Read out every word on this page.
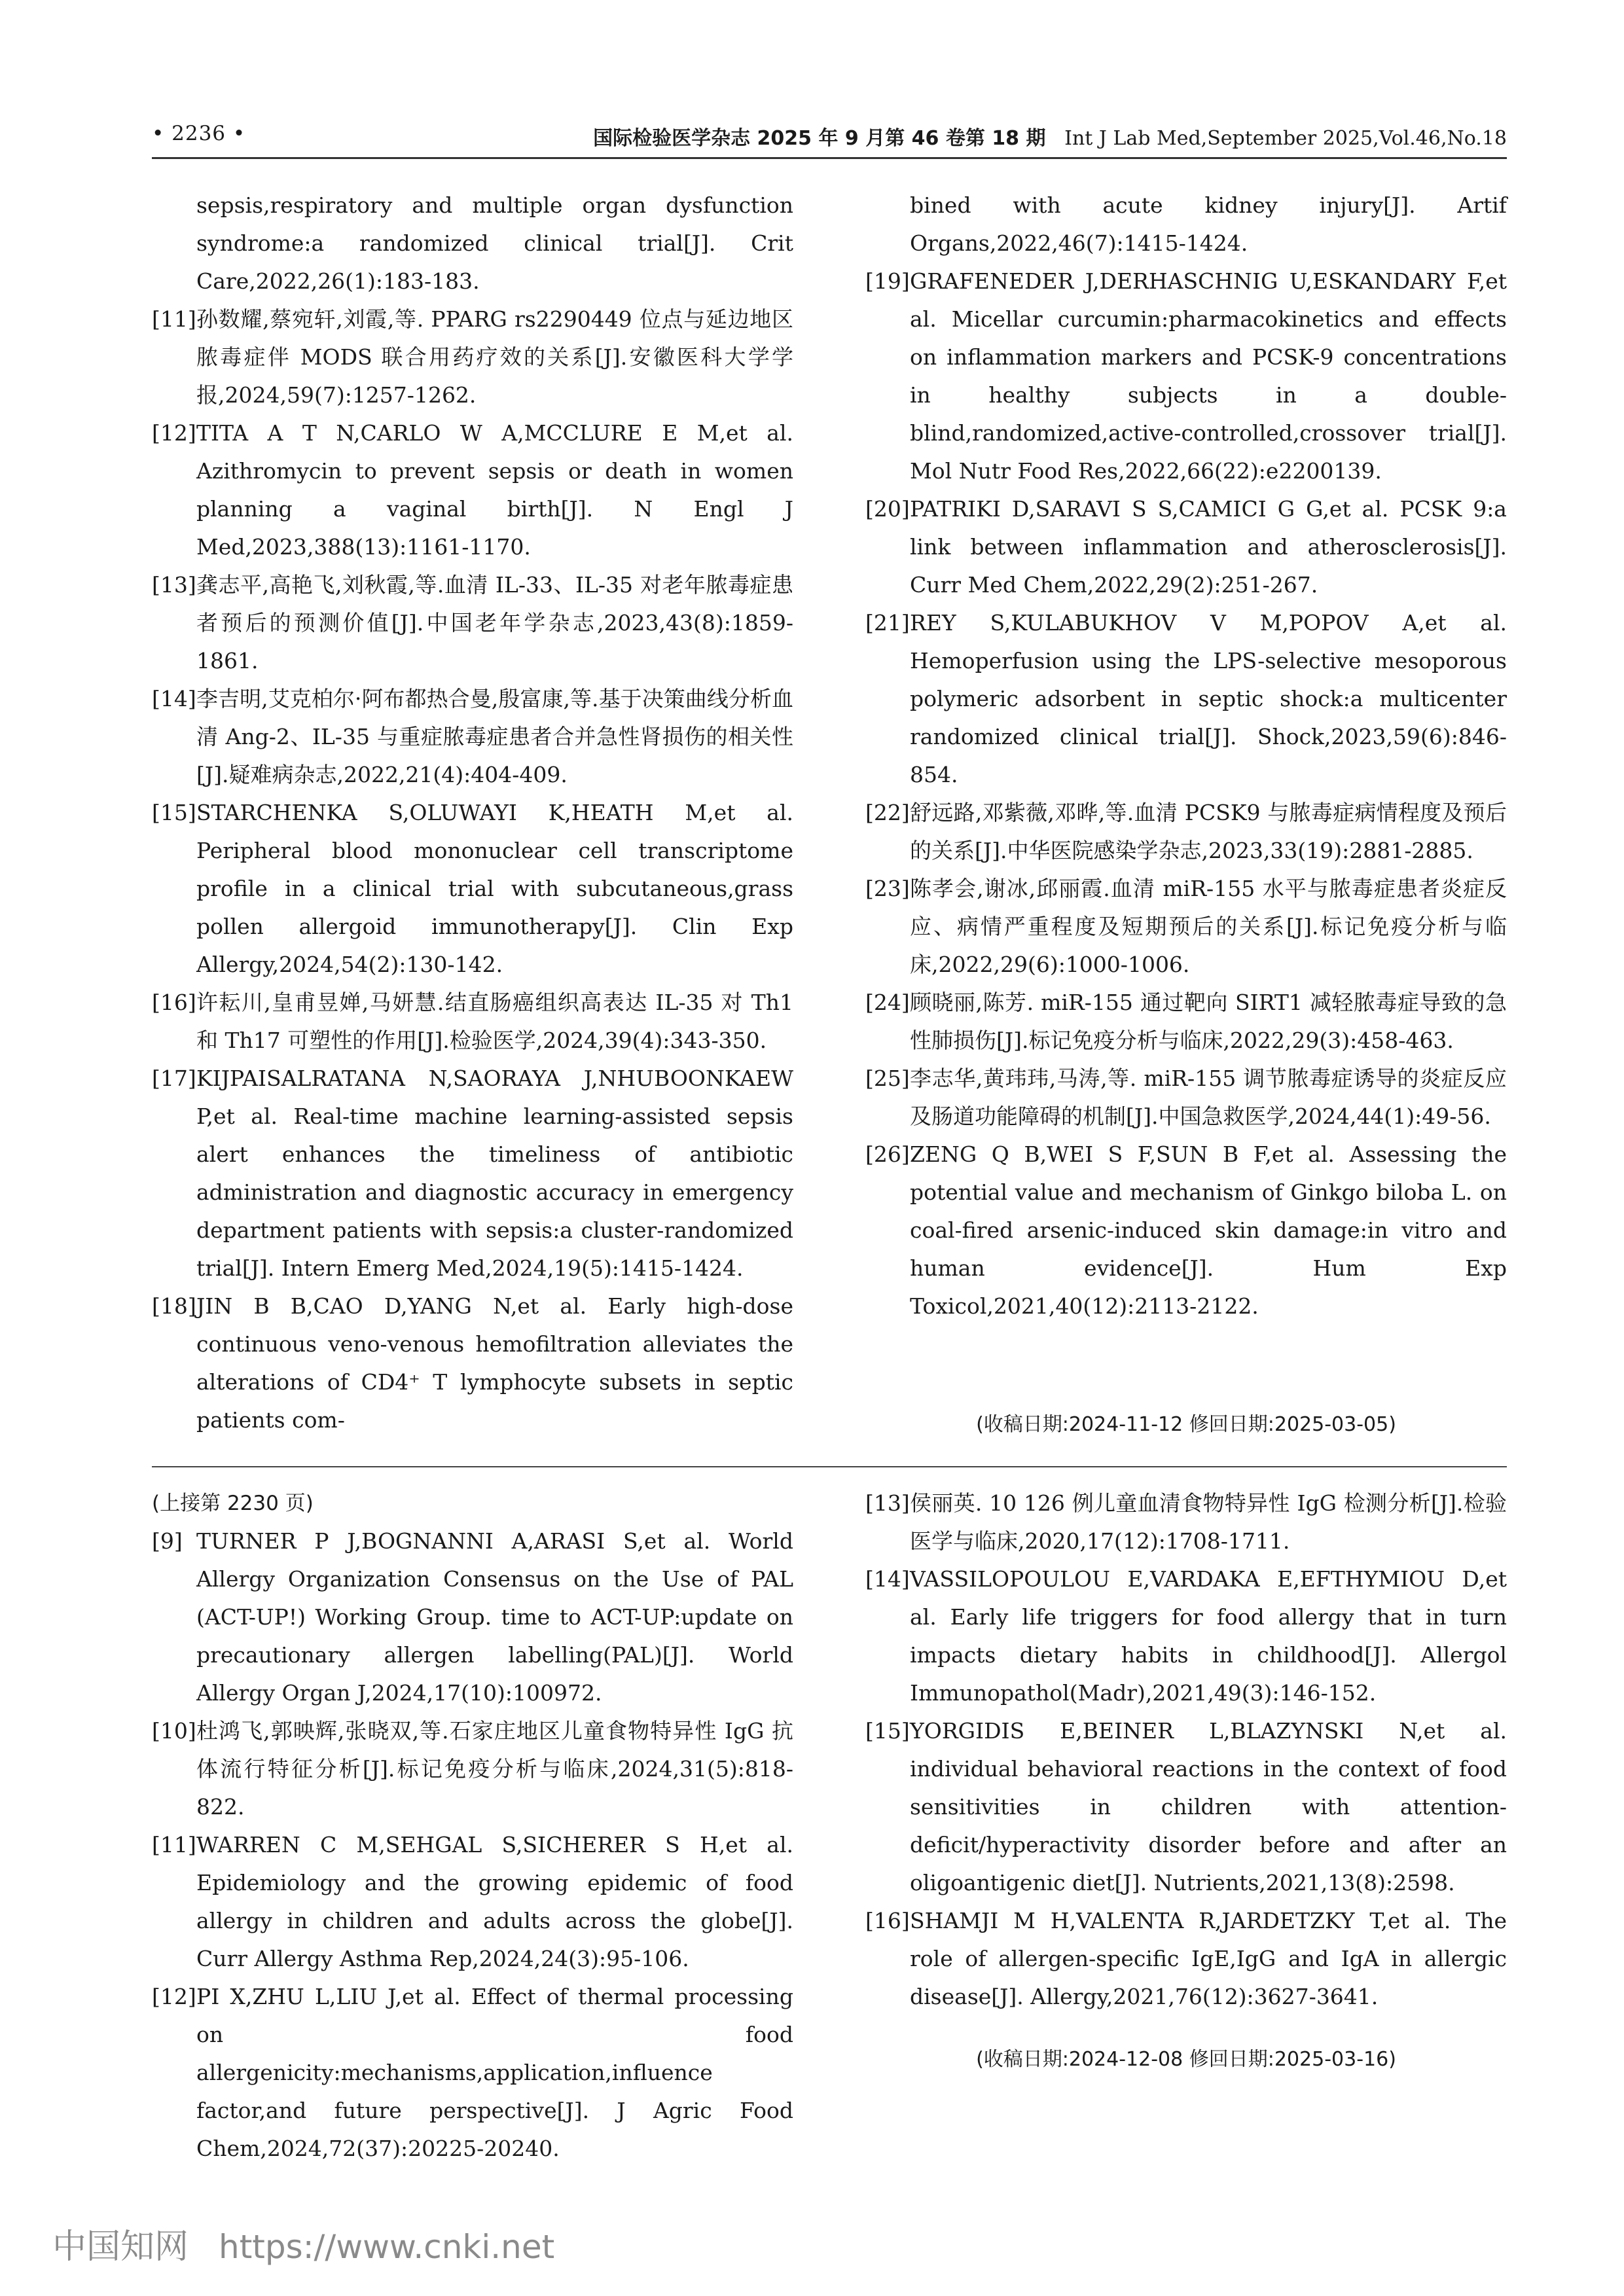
• 2236 •	国际检验医学杂志 2025 年 9 月第 46 卷第 18 期 Int J Lab Med,September 2025,Vol.46,No.18

sepsis,respiratory and multiple organ dysfunction syndrome:a randomized clinical trial[J]. Crit Care,2022,26(1):183-183.

[11] 孙数耀,蔡宛轩,刘霞,等. PPARG rs2290449 位点与延边地区脓毒症伴 MODS 联合用药疗效的关系[J].安徽医科大学学报,2024,59(7):1257-1262.

[12] TITA A T N,CARLO W A,MCCLURE E M,et al. Azithromycin to prevent sepsis or death in women planning a vaginal birth[J]. N Engl J Med,2023,388(13):1161-1170.

[13] 龚志平,高艳飞,刘秋霞,等.血清 IL-33、IL-35 对老年脓毒症患者预后的预测价值[J].中国老年学杂志,2023,43(8):1859-1861.

[14] 李吉明,艾克柏尔·阿布都热合曼,殷富康,等.基于决策曲线分析血清 Ang-2、IL-35 与重症脓毒症患者合并急性肾损伤的相关性[J].疑难病杂志,2022,21(4):404-409.

[15] STARCHENKA S,OLUWAYI K,HEATH M,et al. Peripheral blood mononuclear cell transcriptome profile in a clinical trial with subcutaneous,grass pollen allergoid immunotherapy[J]. Clin Exp Allergy,2024,54(2):130-142.

[16] 许耘川,皇甫昱婵,马妍慧.结直肠癌组织高表达 IL-35 对 Th1 和 Th17 可塑性的作用[J].检验医学,2024,39(4):343-350.

[17] KIJPAISALRATANA N,SAORAYA J,NHUBOONKAEW P,et al. Real-time machine learning-assisted sepsis alert enhances the timeliness of antibiotic administration and diagnostic accuracy in emergency department patients with sepsis:a cluster-randomized trial[J]. Intern Emerg Med,2024,19(5):1415-1424.

[18] JIN B B,CAO D,YANG N,et al. Early high-dose continuous veno-venous hemofiltration alleviates the alterations of CD4⁺ T lymphocyte subsets in septic patients com-

bined with acute kidney injury[J]. Artif Organs,2022,46(7):1415-1424.

[19] GRAFENEDER J,DERHASCHNIG U,ESKANDARY F,et al. Micellar curcumin:pharmacokinetics and effects on inflammation markers and PCSK-9 concentrations in healthy subjects in a double-blind,randomized,active-controlled,crossover trial[J]. Mol Nutr Food Res,2022,66(22):e2200139.

[20] PATRIKI D,SARAVI S S,CAMICI G G,et al. PCSK 9:a link between inflammation and atherosclerosis[J]. Curr Med Chem,2022,29(2):251-267.

[21] REY S,KULABUKHOV V M,POPOV A,et al. Hemoperfusion using the LPS-selective mesoporous polymeric adsorbent in septic shock:a multicenter randomized clinical trial[J]. Shock,2023,59(6):846-854.

[22] 舒远路,邓紫薇,邓晔,等.血清 PCSK9 与脓毒症病情程度及预后的关系[J].中华医院感染学杂志,2023,33(19):2881-2885.

[23] 陈孝会,谢冰,邱丽霞.血清 miR-155 水平与脓毒症患者炎症反应、病情严重程度及短期预后的关系[J].标记免疫分析与临床,2022,29(6):1000-1006.

[24] 顾晓丽,陈芳. miR-155 通过靶向 SIRT1 减轻脓毒症导致的急性肺损伤[J].标记免疫分析与临床,2022,29(3):458-463.

[25] 李志华,黄玮玮,马涛,等. miR-155 调节脓毒症诱导的炎症反应及肠道功能障碍的机制[J].中国急救医学,2024,44(1):49-56.

[26] ZENG Q B,WEI S F,SUN B F,et al. Assessing the potential value and mechanism of Ginkgo biloba L. on coal-fired arsenic-induced skin damage:in vitro and human evidence[J]. Hum Exp Toxicol,2021,40(12):2113-2122.

(收稿日期:2024-11-12 修回日期:2025-03-05)
(上接第 2230 页)

[9] TURNER P J,BOGNANNI A,ARASI S,et al. World Allergy Organization Consensus on the Use of PAL (ACT-UP!) Working Group. time to ACT-UP:update on precautionary allergen labelling(PAL)[J]. World Allergy Organ J,2024,17(10):100972.

[10] 杜鸿飞,郭映辉,张晓双,等.石家庄地区儿童食物特异性 IgG 抗体流行特征分析[J].标记免疫分析与临床,2024,31(5):818-822.

[11] WARREN C M,SEHGAL S,SICHERER S H,et al. Epidemiology and the growing epidemic of food allergy in children and adults across the globe[J]. Curr Allergy Asthma Rep,2024,24(3):95-106.

[12] PI X,ZHU L,LIU J,et al. Effect of thermal processing on food allergenicity:mechanisms,application,influence factor,and future perspective[J]. J Agric Food Chem,2024,72(37):20225-20240.

[13] 侯丽英. 10 126 例儿童血清食物特异性 IgG 检测分析[J].检验医学与临床,2020,17(12):1708-1711.

[14] VASSILOPOULOU E,VARDAKA E,EFTHYMIOU D,et al. Early life triggers for food allergy that in turn impacts dietary habits in childhood[J]. Allergol Immunopathol(Madr),2021,49(3):146-152.

[15] YORGIDIS E,BEINER L,BLAZYNSKI N,et al. individual behavioral reactions in the context of food sensitivities in children with attention-deficit/hyperactivity disorder before and after an oligoantigenic diet[J]. Nutrients,2021,13(8):2598.

[16] SHAMJI M H,VALENTA R,JARDETZKY T,et al. The role of allergen-specific IgE,IgG and IgA in allergic disease[J]. Allergy,2021,76(12):3627-3641.

(收稿日期:2024-12-08 修回日期:2025-03-16)
中国知网 https://www.cnki.net
